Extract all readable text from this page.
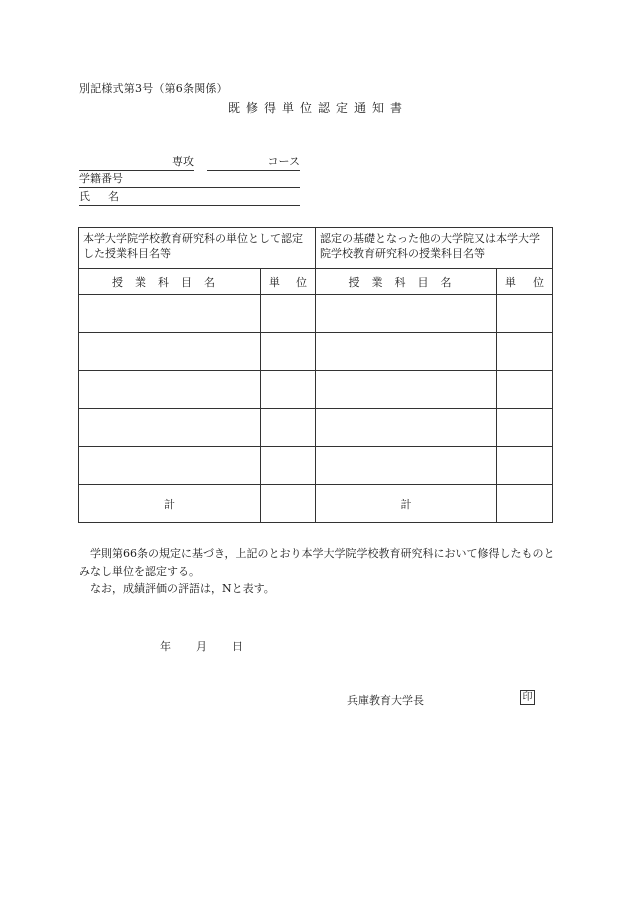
別記様式第3号（第6条関係）
既修得単位認定通知書
専攻	コース
学籍番号
氏名
本学大学院学校教育研究科の単位として認定した授業科目名等		認定の基礎となった他の大学院又は本学大学院学校教育研究科の授業科目名等	
授業科目名	単 位	授業科目名	単 位

計		計	

学則第66条の規定に基づき，上記のとおり本学大学院学校教育研究科において修得したものとみなし単位を認定する。

なお，成績評価の評語は，Nと表す。

年 月 日
兵庫教育大学長	印
